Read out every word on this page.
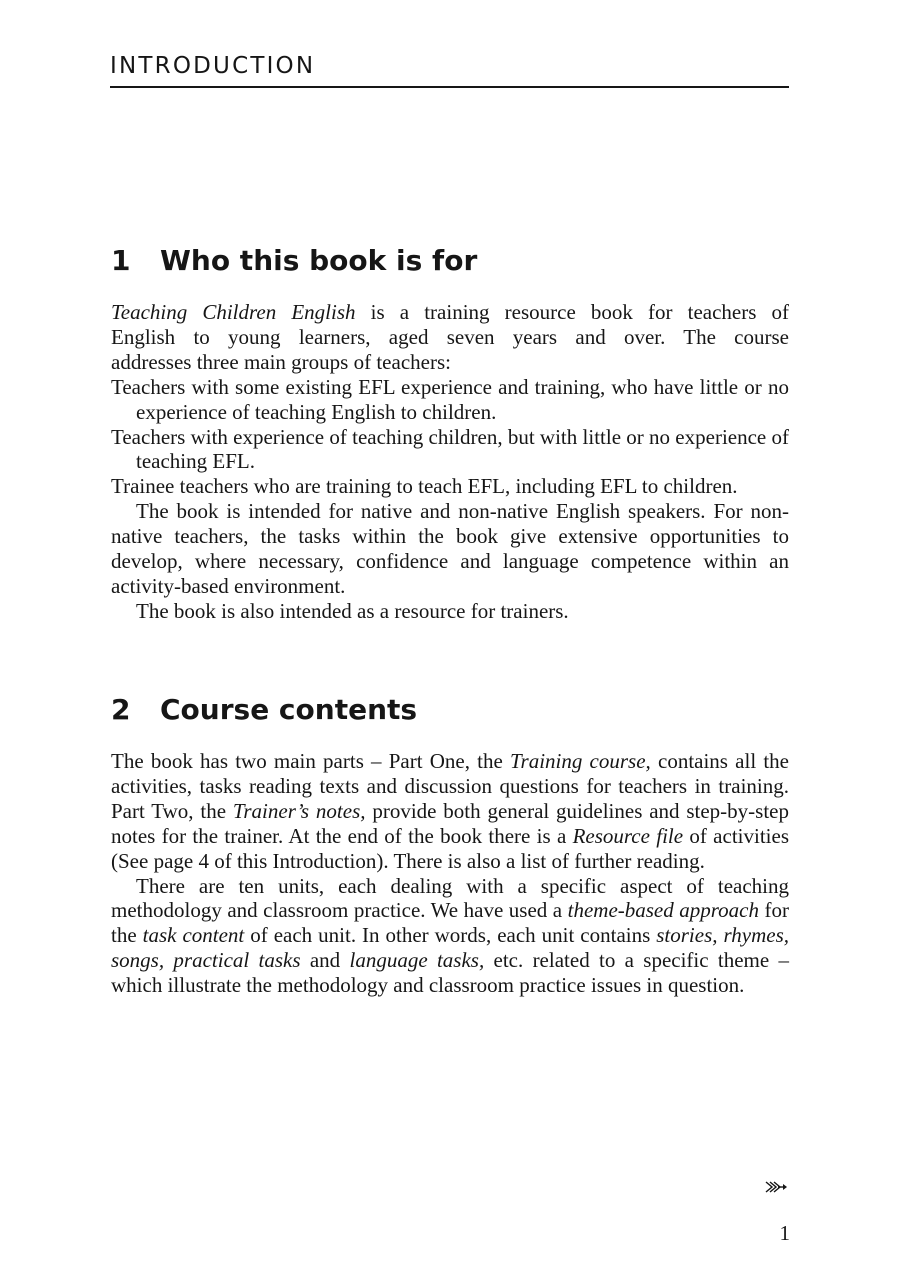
INTRODUCTION
1 Who this book is for

Teaching Children English is a training resource book for teachers of

English to young learners, aged seven years and over. The course

addresses three main groups of teachers:

Teachers with some existing EFL experience and training, who have little or no experience of teaching English to children.

Teachers with experience of teaching children, but with little or no experience of teaching EFL.

Trainee teachers who are training to teach EFL, including EFL to children.

The book is intended for native and non-native English speakers. For non-native teachers, the tasks within the book give extensive opportunities to develop, where necessary, confidence and language competence within an activity-based environment.

The book is also intended as a resource for trainers.

2 Course contents

The book has two main parts – Part One, the Training course, contains all the activities, tasks reading texts and discussion questions for teachers in training. Part Two, the Trainer’s notes, provide both general guidelines and step-by-step notes for the trainer. At the end of the book there is a Resource file of activities (See page 4 of this Introduction). There is also a list of further reading.

There are ten units, each dealing with a specific aspect of teaching methodology and classroom practice. We have used a theme-based approach for the task content of each unit. In other words, each unit contains stories, rhymes, songs, practical tasks and language tasks, etc. related to a specific theme – which illustrate the methodology and classroom practice issues in question.

1
